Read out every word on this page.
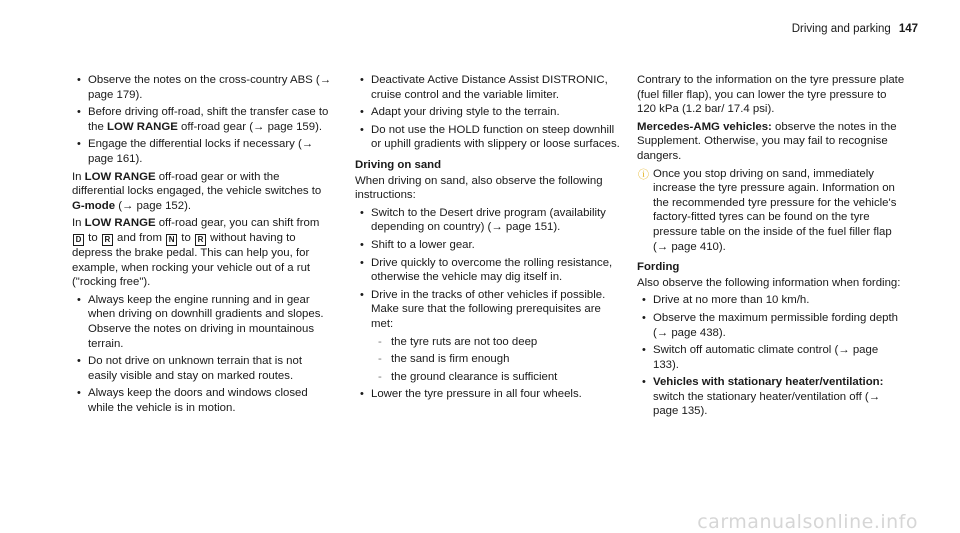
Driving and parking 147
• Observe the notes on the cross-country ABS (→ page 179).
• Before driving off-road, shift the transfer case to the LOW RANGE off-road gear (→ page 159).
• Engage the differential locks if necessary (→ page 161).
In LOW RANGE off-road gear or with the differential locks engaged, the vehicle switches to G-mode (→ page 152).
In LOW RANGE off-road gear, you can shift from
D to R and from N to R without having to depress the brake pedal. This can help you, for example, when rocking your vehicle out of a rut ("rocking free").
• Always keep the engine running and in gear when driving on downhill gradients and slopes. Observe the notes on driving in mountainous terrain.
• Do not drive on unknown terrain that is not easily visible and stay on marked routes.
• Always keep the doors and windows closed while the vehicle is in motion.
• Deactivate Active Distance Assist DISTRONIC, cruise control and the variable limiter.
• Adapt your driving style to the terrain.
• Do not use the HOLD function on steep downhill or uphill gradients with slippery or loose surfaces.
Driving on sand
When driving on sand, also observe the following instructions:
• Switch to the Desert drive program (availability depending on country) (→ page 151).
• Shift to a lower gear.
• Drive quickly to overcome the rolling resistance, otherwise the vehicle may dig itself in.
• Drive in the tracks of other vehicles if possible. Make sure that the following prerequisites are met:
- the tyre ruts are not too deep
- the sand is firm enough
- the ground clearance is sufficient
• Lower the tyre pressure in all four wheels.
Contrary to the information on the tyre pressure plate (fuel filler flap), you can lower the tyre pressure to 120 kPa (1.2 bar/ 17.4 psi).
Mercedes-AMG vehicles: observe the notes in the Supplement. Otherwise, you may fail to recognise dangers.
ⓘ Once you stop driving on sand, immediately increase the tyre pressure again. Information on the recommended tyre pressure for the vehicle's factory-fitted tyres can be found on the tyre pressure table on the inside of the fuel filler flap (→ page 410).
Fording
Also observe the following information when fording:
• Drive at no more than 10 km/h.
• Observe the maximum permissible fording depth (→ page 438).
• Switch off automatic climate control (→ page 133).
• Vehicles with stationary heater/ventilation: switch the stationary heater/ventilation off (→ page 135).
carmanualsonline.info
